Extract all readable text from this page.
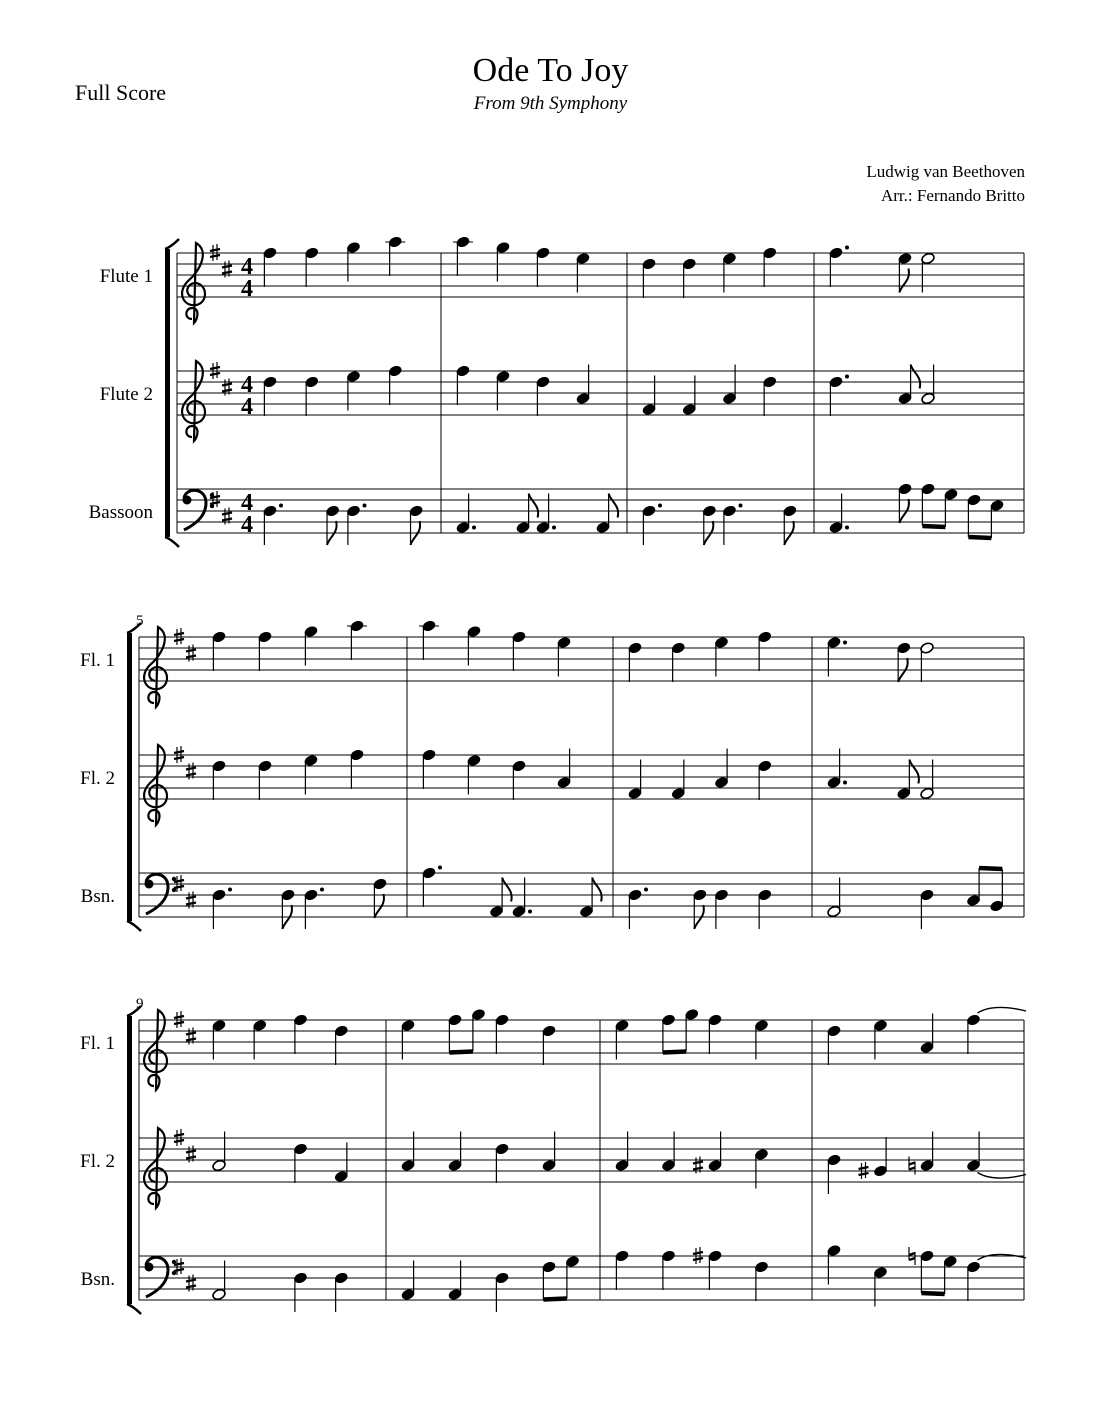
Full Score
Ode To Joy
From 9th Symphony
Ludwig van Beethoven
Arr.: Fernando Britto
Flute 1	4
4
Flute 2	4
4
Bassoon	4
4
5
Fl. 1
Fl. 2
Bsn.
9
Fl. 1
Fl. 2
Bsn.
